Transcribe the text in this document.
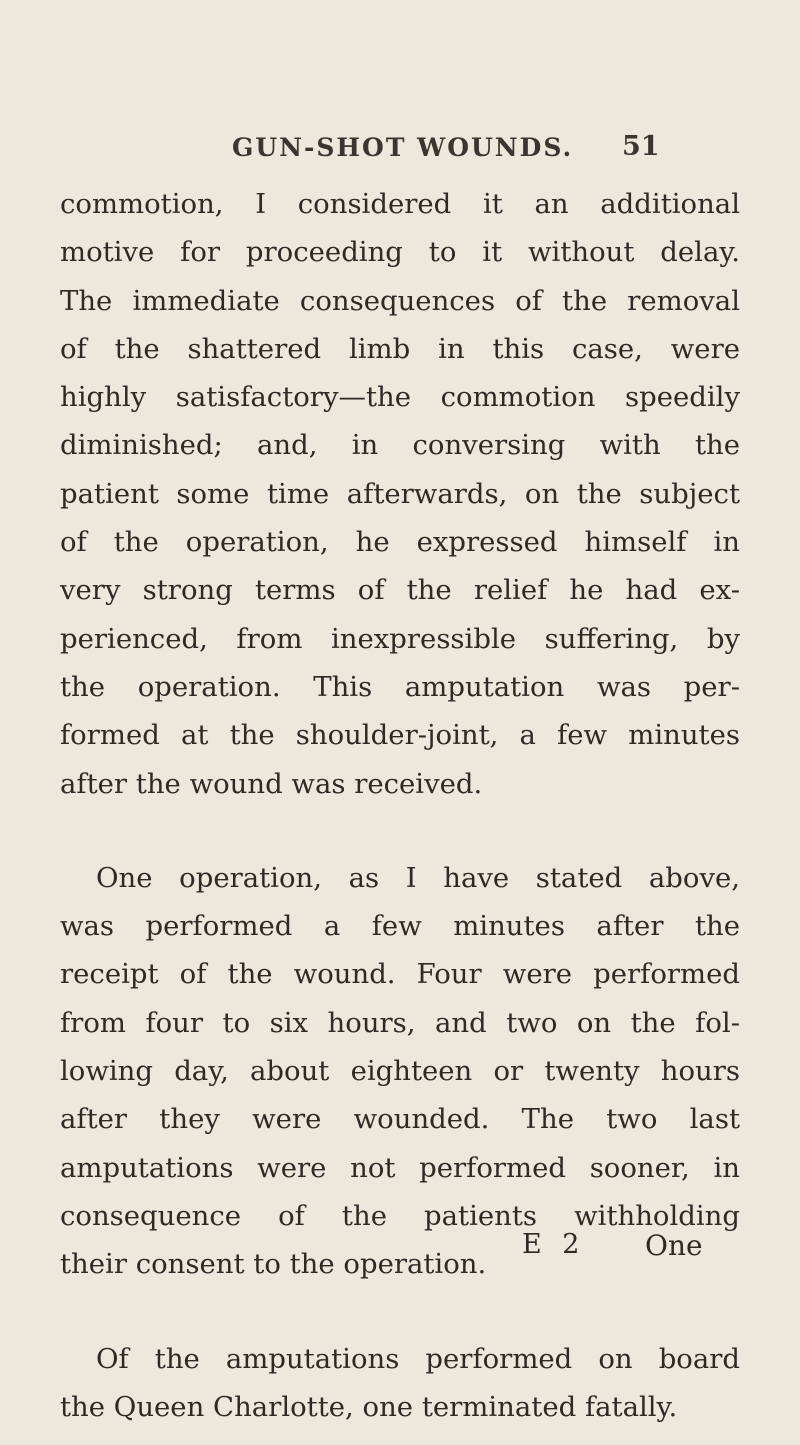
GUN-SHOT WOUNDS. 51
commotion, I considered it an additional
motive for proceeding to it without delay.
The immediate consequences of the removal
of the shattered limb in this case, were
highly satisfactory—the commotion speedily
diminished; and, in conversing with the
patient some time afterwards, on the subject
of the operation, he expressed himself in
very strong terms of the relief he had ex-
perienced, from inexpressible suffering, by
the operation. This amputation was per-
formed at the shoulder-joint, a few minutes
after the wound was received.
One operation, as I have stated above,
was performed a few minutes after the
receipt of the wound. Four were performed
from four to six hours, and two on the fol-
lowing day, about eighteen or twenty hours
after they were wounded. The two last
amputations were not performed sooner, in
consequence of the patients withholding
their consent to the operation.
Of the amputations performed on board
the Queen Charlotte, one terminated fatally.
E 2 One
